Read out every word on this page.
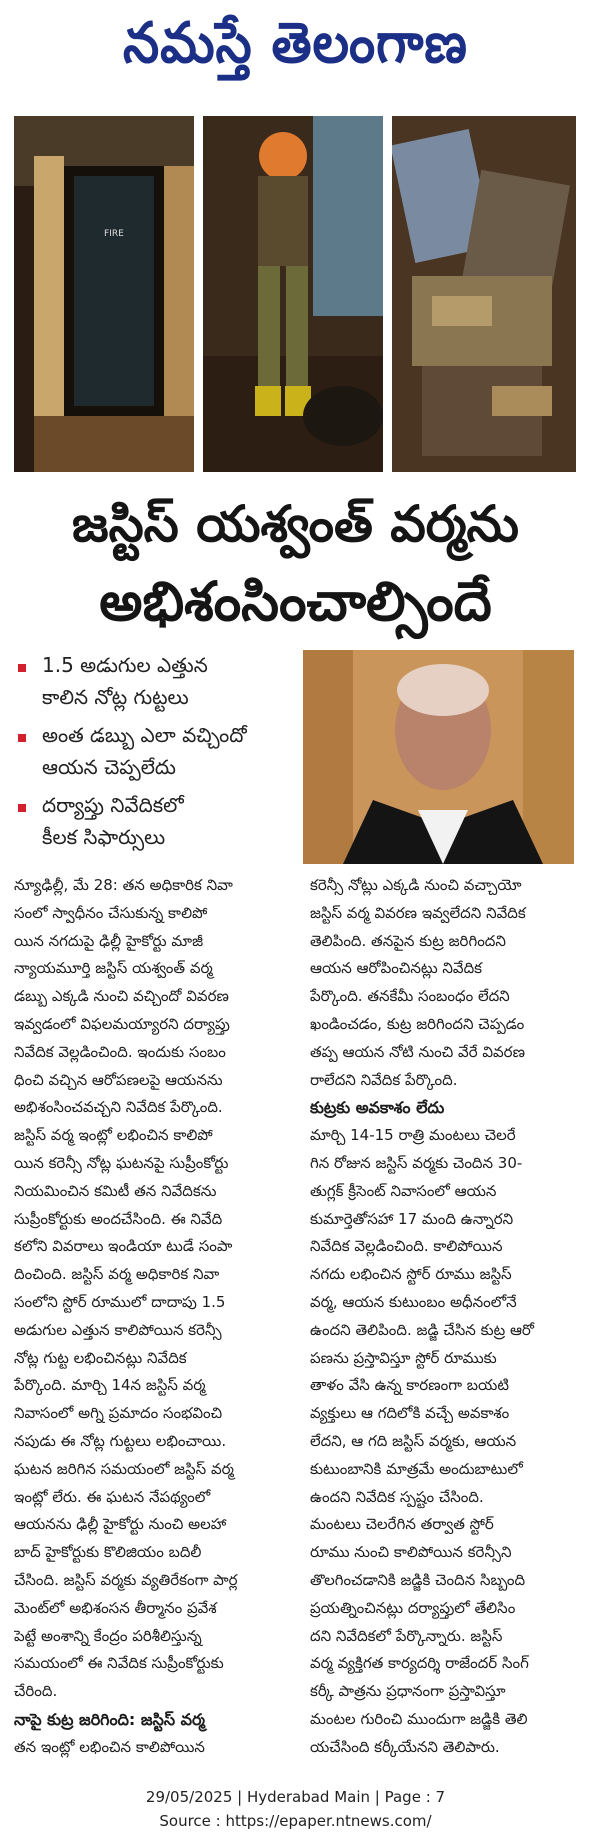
నమస్తే తెలంగాణ
FIRE
జస్టిస్ యశ్వంత్ వర్మను
అభిశంసించాల్సిందే
1.5 అడుగుల ఎత్తున
కాలిన నోట్ల గుట్టలు
అంత డబ్బు ఎలా వచ్చిందో
ఆయన చెప్పలేదు
దర్యాప్తు నివేదికలో
కీలక సిఫార్సులు
న్యూఢిల్లీ, మే 28: తన అధికారిక నివా
సంలో స్వాధీనం చేసుకున్న కాలిపో
యిన నగదుపై ఢిల్లీ హైకోర్టు మాజీ
న్యాయమూర్తి జస్టిస్ యశ్వంత్ వర్మ
డబ్బు ఎక్కడి నుంచి వచ్చిందో వివరణ
ఇవ్వడంలో విఫలమయ్యారని దర్యాప్తు
నివేదిక వెల్లడించింది. ఇందుకు సంబం
ధించి వచ్చిన ఆరోపణలపై ఆయనను
అభిశంసించవచ్చని నివేదిక పేర్కొంది.
జస్టిస్ వర్మ ఇంట్లో లభించిన కాలిపో
యిన కరెన్సీ నోట్ల ఘటనపై సుప్రీంకోర్టు
నియమించిన కమిటీ తన నివేదికను
సుప్రీంకోర్టుకు అందచేసింది. ఈ నివేది
కలోని వివరాలు ఇండియా టుడే సంపా
దించింది. జస్టిస్ వర్మ అధికారిక నివా
సంలోని స్టోర్ రూములో దాదాపు 1.5
అడుగుల ఎత్తున కాలిపోయిన కరెన్సీ
నోట్ల గుట్ట లభించినట్లు నివేదిక
పేర్కొంది. మార్చి 14న జస్టిస్ వర్మ
నివాసంలో అగ్ని ప్రమాదం సంభవించి
నపుడు ఈ నోట్ల గుట్టలు లభించాయి.
ఘటన జరిగిన సమయంలో జస్టిస్ వర్మ
ఇంట్లో లేరు. ఈ ఘటన నేపథ్యంలో
ఆయనను ఢిల్లీ హైకోర్టు నుంచి అలహా
బాద్ హైకోర్టుకు కొలిజియం బదిలీ
చేసింది. జస్టిస్ వర్మకు వ్యతిరేకంగా పార్ల
మెంట్‌లో అభిశంసన తీర్మానం ప్రవేశ
పెట్టే అంశాన్ని కేంద్రం పరిశీలిస్తున్న
సమయంలో ఈ నివేదిక సుప్రీంకోర్టుకు
చేరింది.
నాపై కుట్ర జరిగింది: జస్టిస్ వర్మ
తన ఇంట్లో లభించిన కాలిపోయిన
కరెన్సీ నోట్లు ఎక్కడి నుంచి వచ్చాయో
జస్టిస్ వర్మ వివరణ ఇవ్వలేదని నివేదిక
తెలిపింది. తనపైన కుట్ర జరిగిందని
ఆయన ఆరోపించినట్లు నివేదిక
పేర్కొంది. తనకేమీ సంబంధం లేదని
ఖండించడం, కుట్ర జరిగిందని చెప్పడం
తప్ప ఆయన నోటి నుంచి వేరే వివరణ
రాలేదని నివేదిక పేర్కొంది.
కుట్రకు అవకాశం లేదు
మార్చి 14-15 రాత్రి మంటలు చెలరే
గిన రోజున జస్టిస్ వర్మకు చెందిన 30-
తుగ్లక్ క్రీసెంట్ నివాసంలో ఆయన
కుమార్తెతోసహా 17 మంది ఉన్నారని
నివేదిక వెల్లడించింది. కాలిపోయిన
నగదు లభించిన స్టోర్ రూము జస్టిస్
వర్మ, ఆయన కుటుంబం అధీనంలోనే
ఉందని తెలిపింది. జడ్జి చేసిన కుట్ర ఆరో
పణను ప్రస్తావిస్తూ స్టోర్ రూముకు
తాళం వేసి ఉన్న కారణంగా బయటి
వ్యక్తులు ఆ గదిలోకి వచ్చే అవకాశం
లేదని, ఆ గది జస్టిస్ వర్మకు, ఆయన
కుటుంబానికి మాత్రమే అందుబాటులో
ఉందని నివేదిక స్పష్టం చేసింది.
మంటలు చెలరేగిన తర్వాత స్టోర్
రూము నుంచి కాలిపోయిన కరెన్సీని
తొలగించడానికి జడ్జికి చెందిన సిబ్బంది
ప్రయత్నించినట్లు దర్యాప్తులో తేలిసిం
దని నివేదికలో పేర్కొన్నారు. జస్టిస్
వర్మ వ్యక్తిగత కార్యదర్శి రాజేందర్ సింగ్
కర్కీ పాత్రను ప్రధానంగా ప్రస్తావిస్తూ
మంటల గురించి ముందుగా జడ్జికి తెలి
యచేసింది కర్కీయేనని తెలిపారు.
29/05/2025 | Hyderabad Main | Page : 7
Source : https://epaper.ntnews.com/
